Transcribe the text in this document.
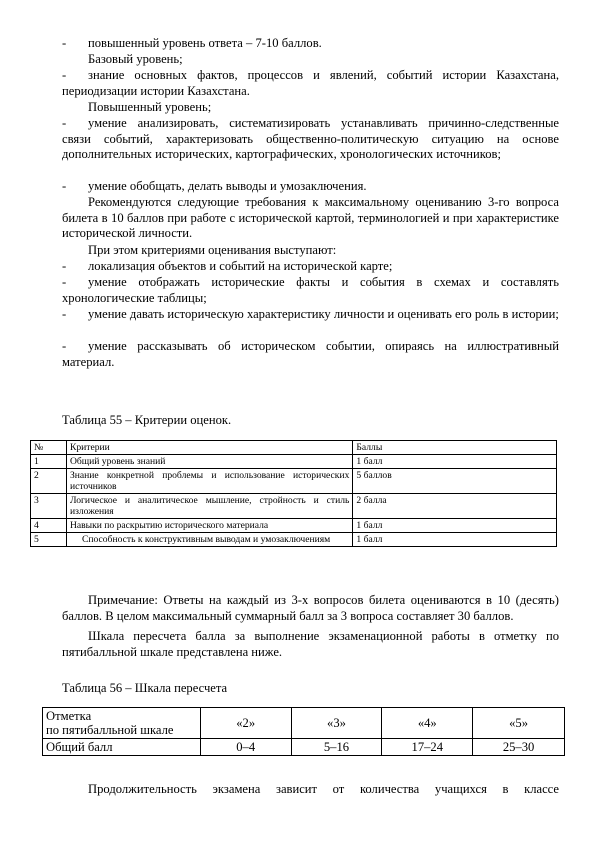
- повышенный уровень ответа – 7-10 баллов.

Базовый уровень;

- знание основных фактов, процессов и явлений, событий истории Казахстана, периодизации истории Казахстана.

Повышенный уровень;

- умение анализировать, систематизировать устанавливать причинно-следственные связи событий, характеризовать общественно-политическую ситуацию на основе дополнительных исторических, картографических, хронологических источников;

- умение обобщать, делать выводы и умозаключения.

Рекомендуются следующие требования к максимальному оцениванию 3-го вопроса билета в 10 баллов при работе с исторической картой, терминологией и при характеристике исторической личности.

При этом критериями оценивания выступают:

- локализация объектов и событий на исторической карте;

- умение отображать исторические факты и события в схемах и составлять хронологические таблицы;

- умение давать историческую характеристику личности и оценивать его роль в истории;

- умение рассказывать об историческом событии, опираясь на иллюстративный материал.

Таблица 55 – Критерии оценок.
№	Критерии	Баллы
1	Общий уровень знаний	1 балл
2	Знание конкретной проблемы и использование исторических источников	5 баллов
3	Логическое и аналитическое мышление, стройность и стиль изложения	2 балла
4	Навыки по раскрытию исторического материала	1 балл
5	Способность к конструктивным выводам и умозаключениям	1 балл

Примечание: Ответы на каждый из 3-х вопросов билета оцениваются в 10 (десять) баллов. В целом максимальный суммарный балл за 3 вопроса составляет 30 баллов.

Шкала пересчета балла за выполнение экзаменационной работы в отметку по пятибалльной шкале представлена ниже.

Таблица 56 – Шкала пересчета
Отметка
по пятибалльной шкале	«2»	«3»	«4»	«5»
Общий балл	0–4	5–16	17–24	25–30

Продолжительность экзамена зависит от количества учащихся в классе
